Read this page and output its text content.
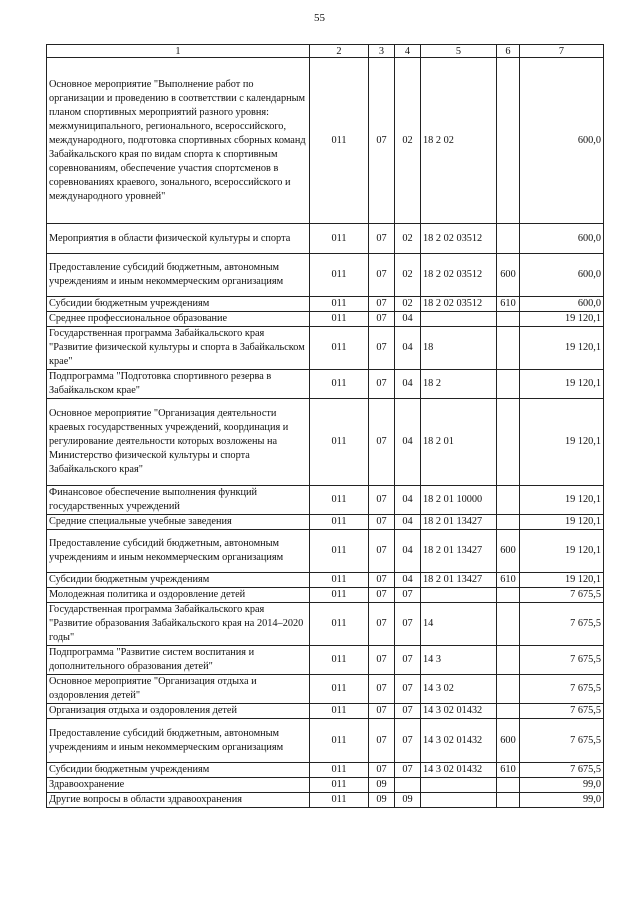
55
1	2	3	4	5	6	7
Основное мероприятие "Выполнение работ по организации и проведению в соответствии с календарным планом спортивных мероприятий разного уровня: межмуниципального, регионального, всероссийского, международного, подготовка спортивных сборных команд Забайкальского края по видам спорта к спортивным соревнованиям, обеспечение участия спортсменов в соревнованиях краевого, зонального, всероссийского и международного уровней"	011	07	02	18 2 02		600,0
Мероприятия в области физической культуры и спорта	011	07	02	18 2 02 03512		600,0
Предоставление субсидий бюджетным, автономным учреждениям и иным некоммерческим организациям	011	07	02	18 2 02 03512	600	600,0
Субсидии бюджетным учреждениям	011	07	02	18 2 02 03512	610	600,0
Среднее профессиональное образование	011	07	04			19 120,1
Государственная программа Забайкальского края "Развитие физической культуры и спорта в Забайкальском крае"	011	07	04	18		19 120,1
Подпрограмма "Подготовка спортивного резерва в Забайкальском крае"	011	07	04	18 2		19 120,1
Основное мероприятие "Организация деятельности краевых государственных учреждений, координация и регулирование деятельности которых возложены на Министерство физической культуры и спорта Забайкальского края"	011	07	04	18 2 01		19 120,1
Финансовое обеспечение выполнения функций государственных учреждений	011	07	04	18 2 01 10000		19 120,1
Средние специальные учебные заведения	011	07	04	18 2 01 13427		19 120,1
Предоставление субсидий бюджетным, автономным учреждениям и иным некоммерческим организациям	011	07	04	18 2 01 13427	600	19 120,1
Субсидии бюджетным учреждениям	011	07	04	18 2 01 13427	610	19 120,1
Молодежная политика и оздоровление детей	011	07	07			7 675,5
Государственная программа Забайкальского края "Развитие образования Забайкальского края на 2014–2020 годы"	011	07	07	14		7 675,5
Подпрограмма "Развитие систем воспитания и дополнительного образования детей"	011	07	07	14 3		7 675,5
Основное мероприятие "Организация отдыха и оздоровления детей"	011	07	07	14 3 02		7 675,5
Организация отдыха и оздоровления детей	011	07	07	14 3 02 01432		7 675,5
Предоставление субсидий бюджетным, автономным учреждениям и иным некоммерческим организациям	011	07	07	14 3 02 01432	600	7 675,5
Субсидии бюджетным учреждениям	011	07	07	14 3 02 01432	610	7 675,5
Здравоохранение	011	09				99,0
Другие вопросы в области здравоохранения	011	09	09			99,0
